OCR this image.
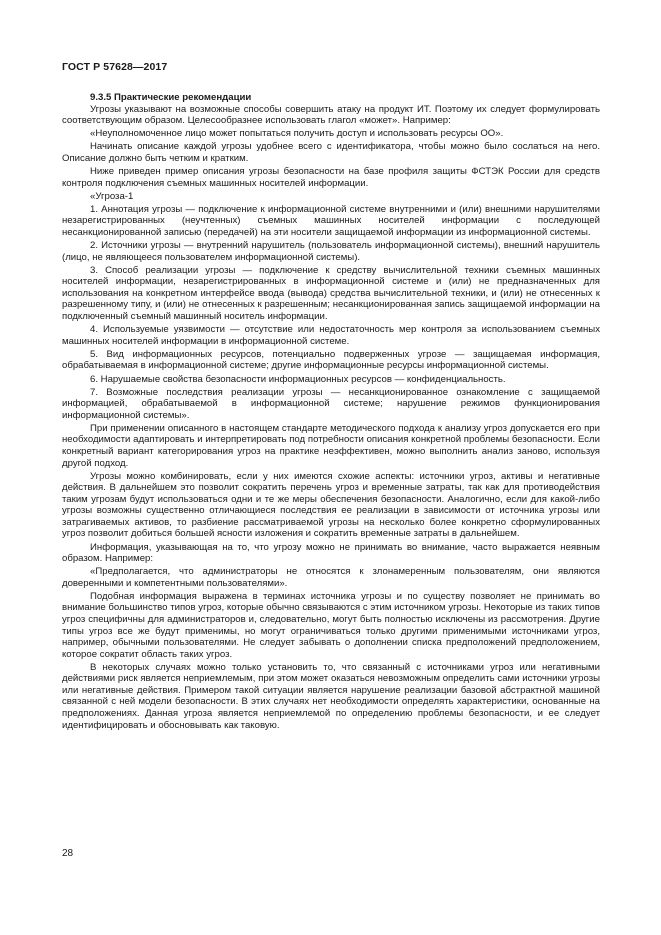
ГОСТ Р 57628—2017

9.3.5 Практические рекомендации

Угрозы указывают на возможные способы совершить атаку на продукт ИТ. Поэтому их следует формулировать соответствующим образом. Целесообразнее использовать глагол «может». Например:

«Неуполномоченное лицо может попытаться получить доступ и использовать ресурсы ОО».

Начинать описание каждой угрозы удобнее всего с идентификатора, чтобы можно было сослаться на него. Описание должно быть четким и кратким.

Ниже приведен пример описания угрозы безопасности на базе профиля защиты ФСТЭК России для средств контроля подключения съемных машинных носителей информации.

«Угроза-1

1. Аннотация угрозы — подключение к информационной системе внутренними и (или) внешними нарушителями незарегистрированных (неучтенных) съемных машинных носителей информации с последующей несанкционированной записью (передачей) на эти носители защищаемой информации из информационной системы.

2. Источники угрозы — внутренний нарушитель (пользователь информационной системы), внешний нарушитель (лицо, не являющееся пользователем информационной системы).

3. Способ реализации угрозы — подключение к средству вычислительной техники съемных машинных носителей информации, незарегистрированных в информационной системе и (или) не предназначенных для использования на конкретном интерфейсе ввода (вывода) средства вычислительной техники, и (или) не отнесенных к разрешенному типу, и (или) не отнесенных к разрешенным; несанкционированная запись защищаемой информации на подключенный съемный машинный носитель информации.

4. Используемые уязвимости — отсутствие или недостаточность мер контроля за использованием съемных машинных носителей информации в информационной системе.

5. Вид информационных ресурсов, потенциально подверженных угрозе — защищаемая информация, обрабатываемая в информационной системе; другие информационные ресурсы информационной системы.

6. Нарушаемые свойства безопасности информационных ресурсов — конфиденциальность.

7. Возможные последствия реализации угрозы — несанкционированное ознакомление с защищаемой информацией, обрабатываемой в информационной системе; нарушение режимов функционирования информационной системы».

При применении описанного в настоящем стандарте методического подхода к анализу угроз допускается его при необходимости адаптировать и интерпретировать под потребности описания конкретной проблемы безопасности. Если конкретный вариант категорирования угроз на практике неэффективен, можно выполнить анализ заново, используя другой подход.

Угрозы можно комбинировать, если у них имеются схожие аспекты: источники угроз, активы и негативные действия. В дальнейшем это позволит сократить перечень угроз и временные затраты, так как для противодействия таким угрозам будут использоваться одни и те же меры обеспечения безопасности. Аналогично, если для какой-либо угрозы возможны существенно отличающиеся последствия ее реализации в зависимости от источника угрозы или затрагиваемых активов, то разбиение рассматриваемой угрозы на несколько более конкретно сформулированных угроз позволит добиться большей ясности изложения и сократить временные затраты в дальнейшем.

Информация, указывающая на то, что угрозу можно не принимать во внимание, часто выражается неявным образом. Например:

«Предполагается, что администраторы не относятся к злонамеренным пользователям, они являются доверенными и компетентными пользователями».

Подобная информация выражена в терминах источника угрозы и по существу позволяет не принимать во внимание большинство типов угроз, которые обычно связываются с этим источником угрозы. Некоторые из таких типов угроз специфичны для администраторов и, следовательно, могут быть полностью исключены из рассмотрения. Другие типы угроз все же будут применимы, но могут ограничиваться только другими применимыми источниками угроз, например, обычными пользователями. Не следует забывать о дополнении списка предположений предположением, которое сократит область таких угроз.

В некоторых случаях можно только установить то, что связанный с источниками угроз или негативными действиями риск является неприемлемым, при этом может оказаться невозможным определить сами источники угрозы или негативные действия. Примером такой ситуации является нарушение реализации базовой абстрактной машиной связанной с ней модели безопасности. В этих случаях нет необходимости определять характеристики, основанные на предположениях. Данная угроза является неприемлемой по определению проблемы безопасности, и ее следует идентифицировать и обосновывать как таковую.

28
